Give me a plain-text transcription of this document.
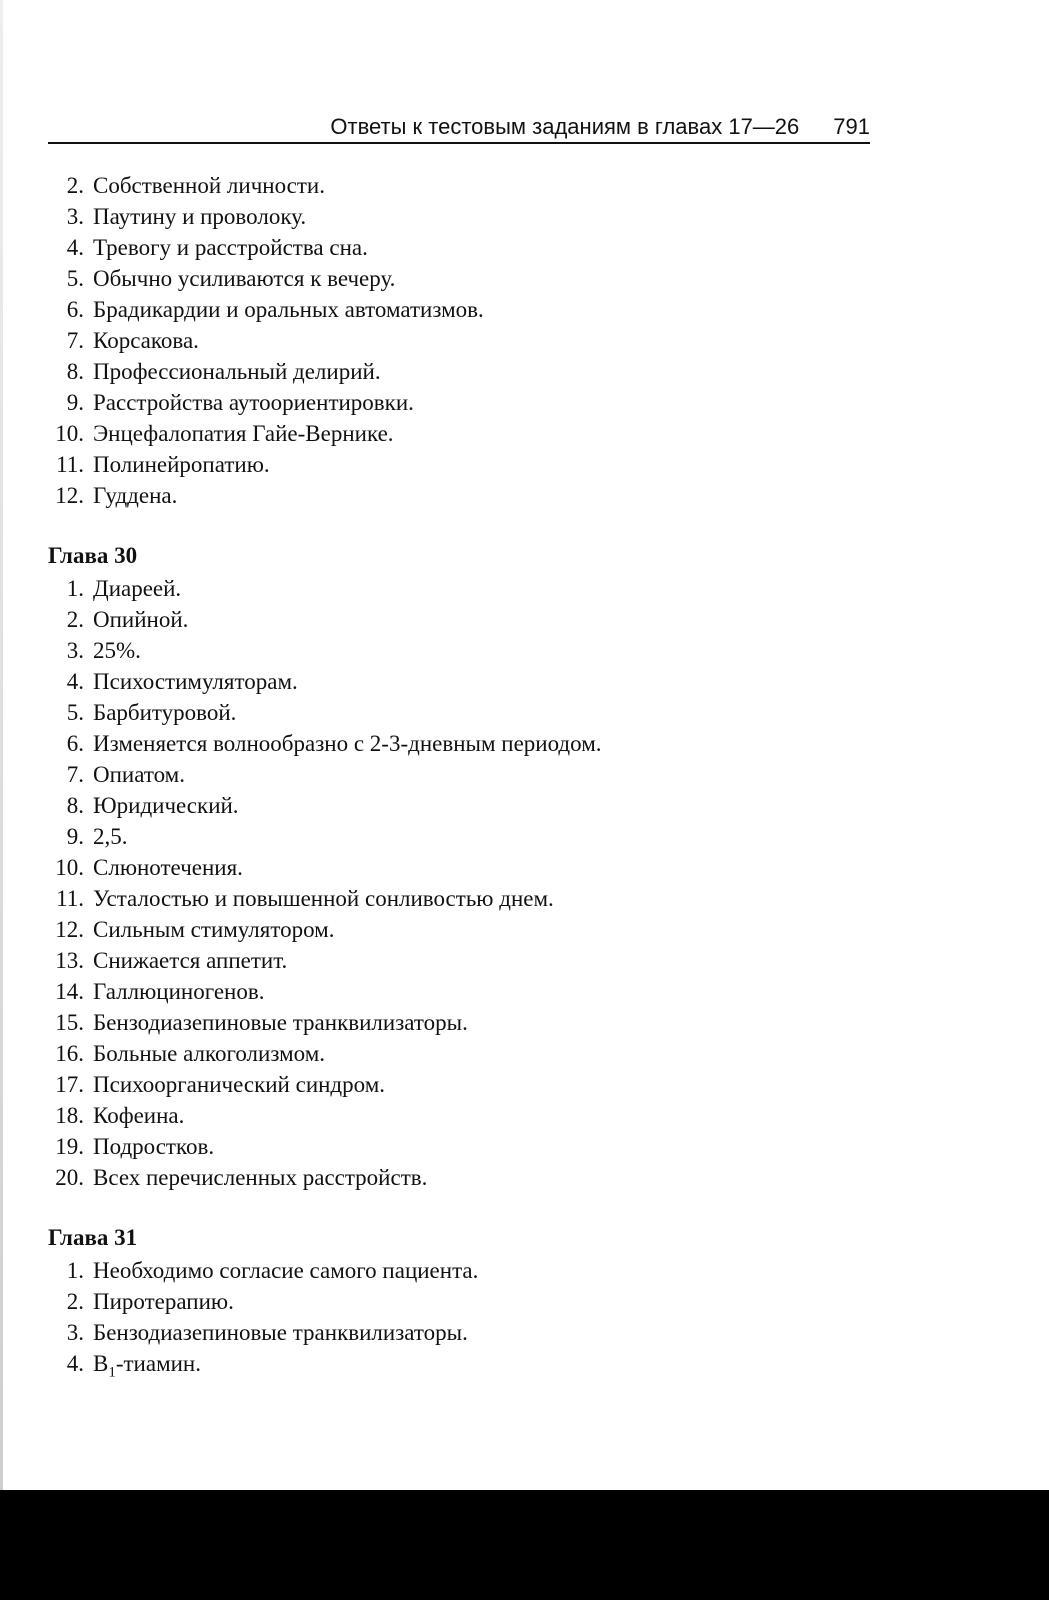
Ответы к тестовым заданиям в главах 17—26 791
2. Собственной личности.
3. Паутину и проволоку.
4. Тревогу и расстройства сна.
5. Обычно усиливаются к вечеру.
6. Брадикардии и оральных автоматизмов.
7. Корсакова.
8. Профессиональный делирий.
9. Расстройства аутоориентировки.
10. Энцефалопатия Гайе-Вернике.
11. Полинейропатию.
12. Гуддена.
Глава 30
1. Диареей.
2. Опийной.
3. 25%.
4. Психостимуляторам.
5. Барбитуровой.
6. Изменяется волнообразно с 2-3-дневным периодом.
7. Опиатом.
8. Юридический.
9. 2,5.
10. Слюнотечения.
11. Усталостью и повышенной сонливостью днем.
12. Сильным стимулятором.
13. Снижается аппетит.
14. Галлюциногенов.
15. Бензодиазепиновые транквилизаторы.
16. Больные алкоголизмом.
17. Психоорганический синдром.
18. Кофеина.
19. Подростков.
20. Всех перечисленных расстройств.
Глава 31
1. Необходимо согласие самого пациента.
2. Пиротерапию.
3. Бензодиазепиновые транквилизаторы.
4. $В_1$-тиамин.
